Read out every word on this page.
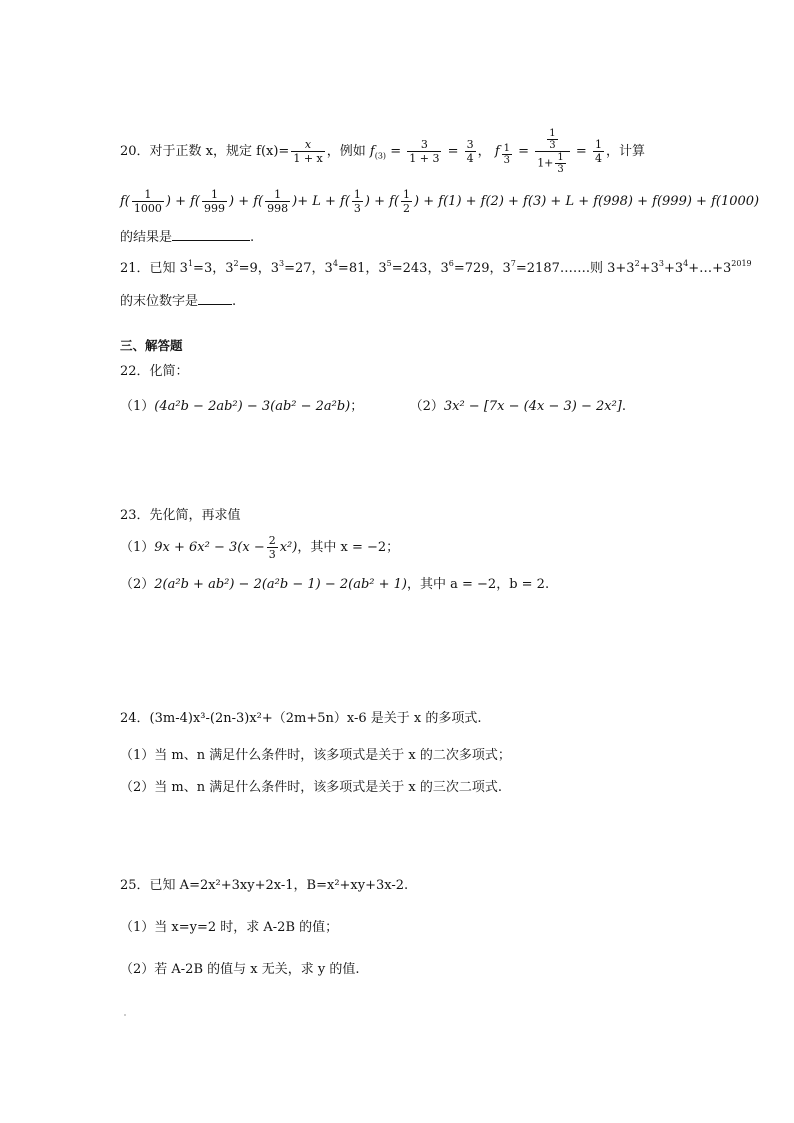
20．对于正数 x，规定 $f(x)= \frac{x}{1 + x}$ ，例如 $f_{(3)} = \frac{3}{1 + 3} = \frac{3}{4}$ ， f $\frac{1}{3} = \frac{\frac{1}{3}}{1+ \frac{1}{3}} = \frac{1}{4}$ ，计算
$f( \frac{1}{1000}$ ) + $f( \frac{1}{999}$ ) + $f( \frac{1}{998}$ )+ $L + f( \frac{1}{3}$ ) + $f( \frac{1}{2}$ ) + f(1) + f(2) + f(3) + L + f(998) + f(999) + f(1000)
的结果是	.
21．已知 $3^1=3$，$3^2=9$，$3^3=27$，$3^4=81$，$3^5=243$，$3^6=729$，$3^7=2187\dots\dots$.则 $3+3^2+3^3+3^4+\dots+3^{2019}$
的末位数字是	.
三、解答题
22．化简：
（1）(4a²b − 2ab²) − 3(ab² − 2a²b)；	（2）3x² − [7x − (4x − 3) − 2x²].
23．先化简，再求值
$(1)9x + 6x^2 - 3(x - \frac{2}{3} x^2)$，其中 x = −2；
（2）2(a²b + ab²) − 2(a²b − 1) − 2(ab² + 1)，其中 a = −2，b = 2.
24．(3m-4)x³-(2n-3)x²+（2m+5n）x-6 是关于 x 的多项式.
（1）当 m、n 满足什么条件时，该多项式是关于 x 的二次多项式；
（2）当 m、n 满足什么条件时，该多项式是关于 x 的三次二项式.
25．已知 A=2x²+3xy+2x-1，B=x²+xy+3x-2.
（1）当 x=y=2 时，求 A-2B 的值；
（2）若 A-2B 的值与 x 无关，求 y 的值.
